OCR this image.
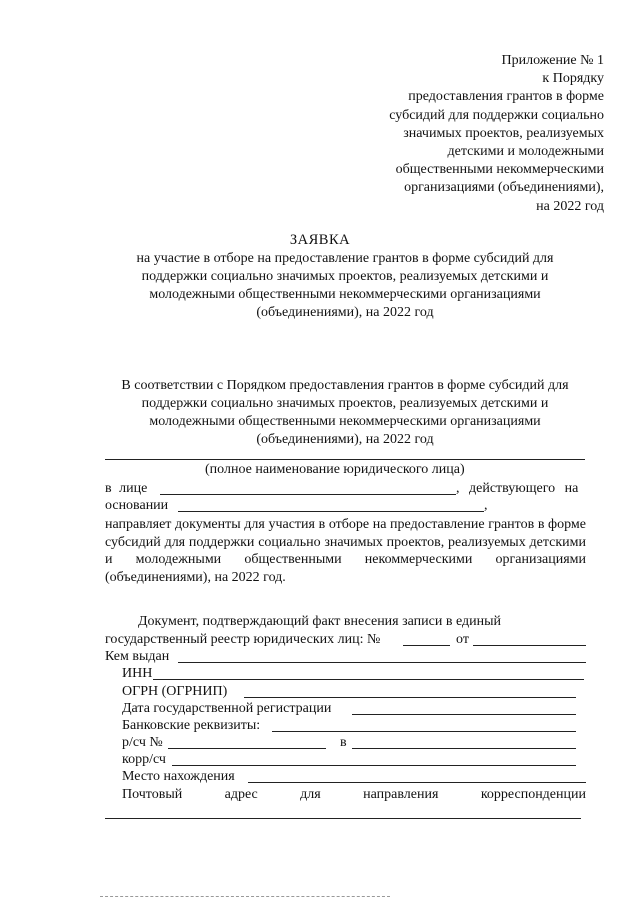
Приложение № 1
к Порядку
предоставления грантов в форме
субсидий для поддержки социально
значимых проектов, реализуемых
детскими и молодежными
общественными некоммерческими
организациями (объединениями),
на 2022 год
ЗАЯВКА
на участие в отборе на предоставление грантов в форме субсидий для поддержки социально значимых проектов, реализуемых детскими и молодежными общественными некоммерческими организациями (объединениями), на 2022 год
В соответствии с Порядком предоставления грантов в форме субсидий для поддержки социально значимых проектов, реализуемых детскими и молодежными общественными некоммерческими организациями (объединениями), на 2022 год
(полное наименование юридического лица)
в лице	, действующего на
основании	,
направляет документы для участия в отборе на предоставление грантов в форме субсидий для поддержки социально значимых проектов, реализуемых детскими и молодежными общественными некоммерческими организациями (объединениями), на 2022 год.
Документ, подтверждающий факт внесения записи в единый
государственный реестр юридических лиц: №	от
Кем выдан
ИНН
ОГРН (ОГРНИП)
Дата государственной регистрации
Банковские реквизиты:
р/сч №	в
корр/сч
Место нахождения
Почтовый	адрес	для	направления	корреспонденции
